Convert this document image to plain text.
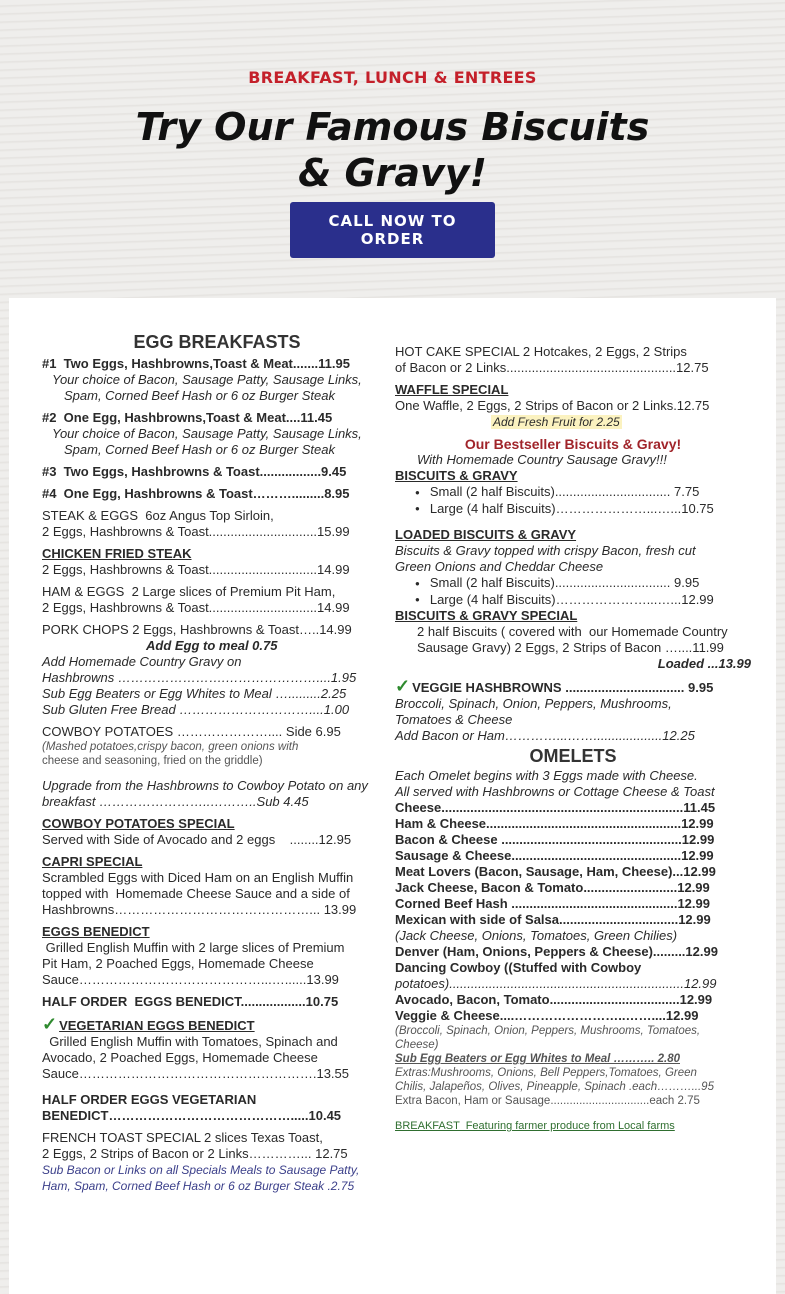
BREAKFAST, LUNCH & ENTREES
Try Our Famous Biscuits
& Gravy!
CALL NOW TO ORDER
EGG BREAKFASTS
#1  Two Eggs, Hashbrowns,Toast & Meat.......11.95
Your choice of Bacon, Sausage Patty, Sausage Links,
Spam, Corned Beef Hash or 6 oz Burger Steak
#2  One Egg, Hashbrowns,Toast & Meat....11.45
Your choice of Bacon, Sausage Patty, Sausage Links,
Spam, Corned Beef Hash or 6 oz Burger Steak
#3  Two Eggs, Hashbrowns & Toast.................9.45
#4  One Egg, Hashbrowns & Toast……….........8.95
STEAK & EGGS  6oz Angus Top Sirloin,
2 Eggs, Hashbrowns & Toast..............................15.99
CHICKEN FRIED STEAK
2 Eggs, Hashbrowns & Toast..............................14.99
HAM & EGGS  2 Large slices of Premium Pit Ham,
2 Eggs, Hashbrowns & Toast..............................14.99
PORK CHOPS 2 Eggs, Hashbrowns & Toast…..14.99
Add Egg to meal 0.75
Add Homemade Country Gravy on
Hashbrowns …………………….…………………....1.95
Sub Egg Beaters or Egg Whites to Meal ….........2.25
Sub Gluten Free Bread …………………………....1.00
COWBOY POTATOES ………………….... Side 6.95
(Mashed potatoes,crispy bacon, green onions with
cheese and seasoning, fried on the griddle)
Upgrade from the Hashbrowns to Cowboy Potato on any
breakfast ……………………..………..Sub 4.45
COWBOY POTATOES SPECIAL
Served with Side of Avocado and 2 eggs    ........12.95
CAPRI SPECIAL
Scrambled Eggs with Diced Ham on an English Muffin
topped with  Homemade Cheese Sauce and a side of
Hashbrowns………………………………………... 13.99
EGGS BENEDICT
Grilled English Muffin with 2 large slices of Premium
Pit Ham, 2 Poached Eggs, Homemade Cheese
Sauce……………………………………...…......13.99
HALF ORDER  EGGS BENEDICT..................10.75
✓ VEGETARIAN EGGS BENEDICT
Grilled English Muffin with Tomatoes, Spinach and
Avocado, 2 Poached Eggs, Homemade Cheese
Sauce……………………………………………….13.55
HALF ORDER EGGS VEGETARIAN
BENEDICT…………………………………….....10.45
FRENCH TOAST SPECIAL 2 slices Texas Toast,
2 Eggs, 2 Strips of Bacon or 2 Links…………... 12.75
Sub Bacon or Links on all Specials Meals to Sausage Patty,
Ham, Spam, Corned Beef Hash or 6 oz Burger Steak .2.75
HOT CAKE SPECIAL 2 Hotcakes, 2 Eggs, 2 Strips
of Bacon or 2 Links...............................................12.75
WAFFLE SPECIAL
One Waffle, 2 Eggs, 2 Strips of Bacon or 2 Links.12.75
Add Fresh Fruit for 2.25
Our Bestseller Biscuits & Gravy!
With Homemade Country Sausage Gravy!!!
BISCUITS & GRAVY
● Small (2 half Biscuits)................................ 7.75
● Large (4 half Biscuits)…………………...…...10.75
LOADED BISCUITS & GRAVY
Biscuits & Gravy topped with crispy Bacon, fresh cut
Green Onions and Cheddar Cheese
● Small (2 half Biscuits)................................ 9.95
● Large (4 half Biscuits)…………………...…...12.99
BISCUITS & GRAVY SPECIAL
2 half Biscuits ( covered with  our Homemade Country
Sausage Gravy) 2 Eggs, 2 Strips of Bacon …....11.99
Loaded ...13.99
✓ VEGGIE HASHBROWNS ................................. 9.95
Broccoli, Spinach, Onion, Peppers, Mushrooms,
Tomatoes & Cheese
Add Bacon or Ham…………...……...................12.25
OMELETS
Each Omelet begins with 3 Eggs made with Cheese.
All served with Hashbrowns or Cottage Cheese & Toast
Cheese...................................................................11.45
Ham & Cheese......................................................12.99
Bacon & Cheese ..................................................12.99
Sausage & Cheese...............................................12.99
Meat Lovers (Bacon, Sausage, Ham, Cheese)...12.99
Jack Cheese, Bacon & Tomato..........................12.99
Corned Beef Hash ..............................................12.99
Mexican with side of Salsa.................................12.99
(Jack Cheese, Onions, Tomatoes, Green Chilies)
Denver (Ham, Onions, Peppers & Cheese).........12.99
Dancing Cowboy ((Stuffed with Cowboy
potatoes).................................................................12.99
Avocado, Bacon, Tomato....................................12.99
Veggie & Cheese....……………………..……....12.99
(Broccoli, Spinach, Onion, Peppers, Mushrooms, Tomatoes,
Cheese)
Sub Egg Beaters or Egg Whites to Meal ……….. 2.80
Extras:Mushrooms, Onions, Bell Peppers,Tomatoes, Green
Chilis, Jalapeños, Olives, Pineapple, Spinach .each………...95
Extra Bacon, Ham or Sausage...............................each 2.75
BREAKFAST  Featuring farmer produce from Local farms
